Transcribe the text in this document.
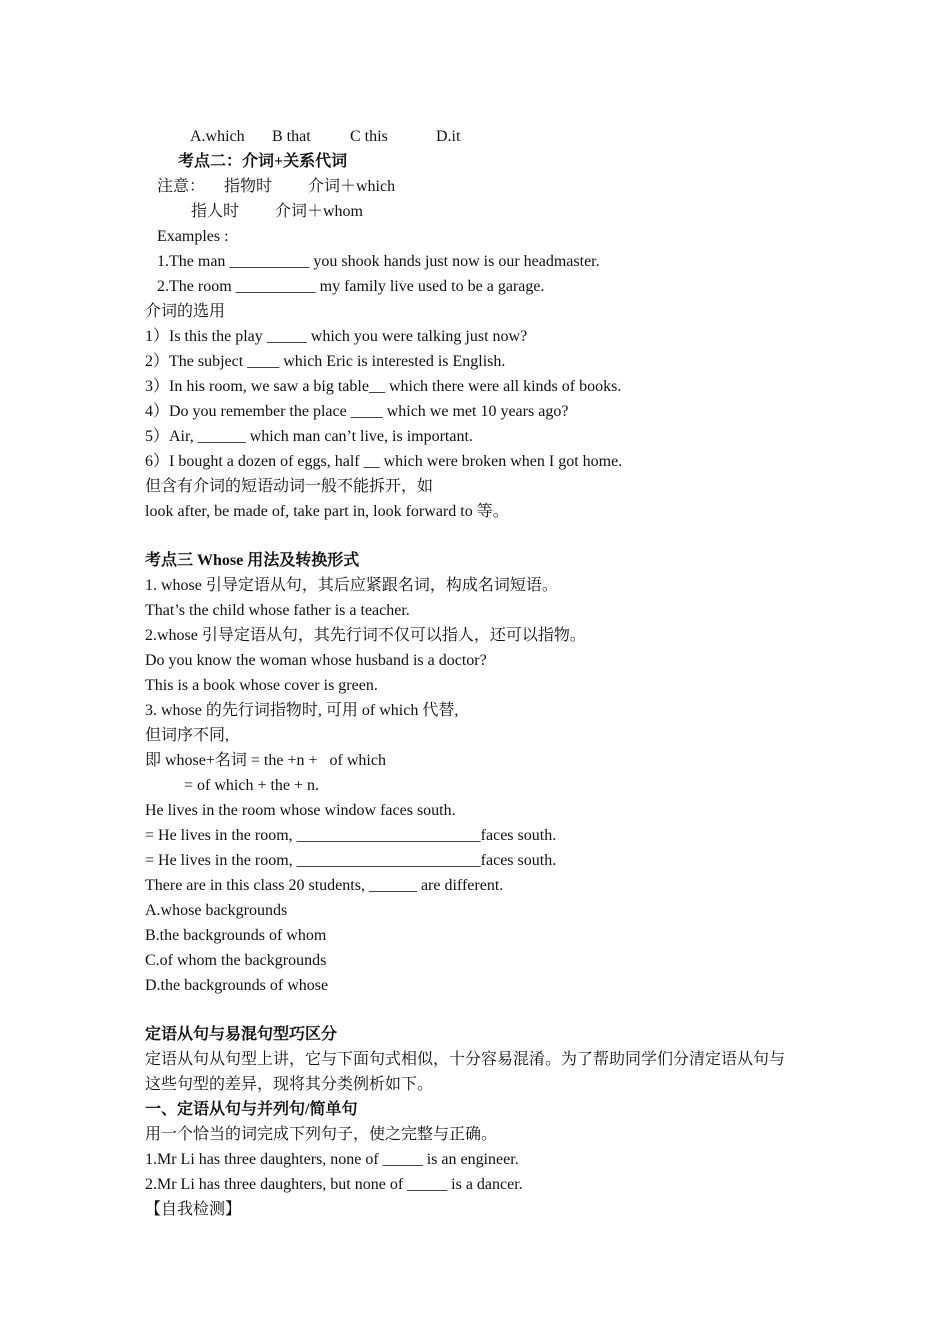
A.which B that C this	D.it
考点二：介词+关系代词
注意： 指物时 介词＋which
指人时 介词＋whom
Examples :
1.The man __________ you shook hands just now is our headmaster.
2.The room __________ my family live used to be a garage.
介词的选用
1）Is this the play _____ which you were talking just now?
2）The subject ____ which Eric is interested is English.
3）In his room, we saw a big table__ which there were all kinds of books.
4）Do you remember the place ____ which we met 10 years ago?
5）Air, ______ which man can’t live, is important.
6）I bought a dozen of eggs, half __ which were broken when I got home.
但含有介词的短语动词一般不能拆开，如
look after, be made of, take part in, look forward to 等。
考点三 Whose 用法及转换形式
1. whose 引导定语从句，其后应紧跟名词，构成名词短语。
That’s the child whose father is a teacher.
2.whose 引导定语从句，其先行词不仅可以指人，还可以指物。
Do you know the woman whose husband is a doctor?
This is a book whose cover is green.
3. whose 的先行词指物时, 可用 of which 代替,
但词序不同,
即 whose+名词 = the +n +   of which
= of which + the + n.
He lives in the room whose window faces south.
= He lives in the room, _______________________faces south.
= He lives in the room, _______________________faces south.
There are in this class 20 students, ______ are different.
A.whose backgrounds
B.the backgrounds of whom
C.of whom the backgrounds
D.the backgrounds of whose
定语从句与易混句型巧区分
定语从句从句型上讲，它与下面句式相似，十分容易混淆。为了帮助同学们分清定语从句与
这些句型的差异，现将其分类例析如下。
一、定语从句与并列句/简单句
用一个恰当的词完成下列句子，使之完整与正确。
1.Mr Li has three daughters, none of _____ is an engineer.
2.Mr Li has three daughters, but none of _____ is a dancer.
【自我检测】
